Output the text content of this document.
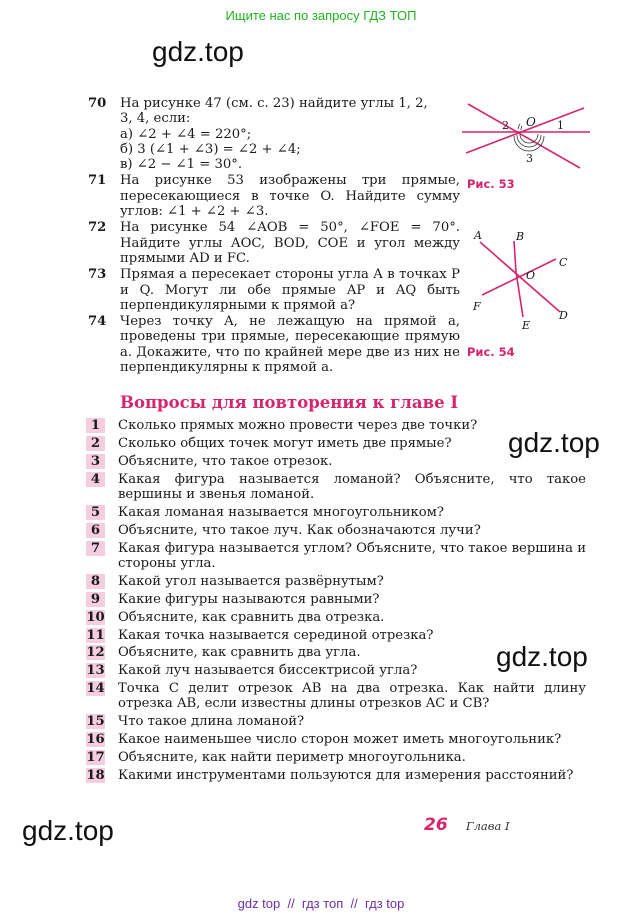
Ищите нас по запросу ГДЗ ТОП
gdz.top
gdz.top
gdz.top
gdz.top
70	На рисунке 47 (см. с. 23) найдите углы 1, 2,
3, 4, если:
а) ∠2 + ∠4 = 220°;
б) 3 (∠1 + ∠3) = ∠2 + ∠4;
в) ∠2 − ∠1 = 30°.
71	На рисунке 53 изображены три прямые, пересекающиеся в точке O. Найдите сумму углов: ∠1 + ∠2 + ∠3.
72	На рисунке 54 ∠AOB = 50°, ∠FOE = 70°. Найдите углы AOC, BOD, COE и угол между прямыми AD и FC.
73	Прямая a пересекает стороны угла A в точках P и Q. Могут ли обе прямые AP и AQ быть перпендикулярными к прямой a?
74	Через точку A, не лежащую на прямой a, проведены три прямые, пересекающие прямую a. Докажите, что по крайней мере две из них не перпендикулярны к прямой a.
O 1
2
3
Рис. 53
A	B
C
D
E
F
O
Рис. 54
Вопросы для повторения к главе I
1	Сколько прямых можно провести через две точки?
2	Сколько общих точек могут иметь две прямые?
3	Объясните, что такое отрезок.
4	Какая фигура называется ломаной? Объясните, что такое вершины и звенья ломаной.
5	Какая ломаная называется многоугольником?
6	Объясните, что такое луч. Как обозначаются лучи?
7	Какая фигура называется углом? Объясните, что такое вершина и стороны угла.
8	Какой угол называется развёрнутым?
9	Какие фигуры называются равными?
10 Объясните, как сравнить два отрезка.
11 Какая точка называется серединой отрезка?
12 Объясните, как сравнить два угла.
13 Какой луч называется биссектрисой угла?
14 Точка C делит отрезок AB на два отрезка. Как найти длину отрезка AB, если известны длины отрезков AC и CB?
15 Что такое длина ломаной?
16 Какое наименьшее число сторон может иметь многоугольник?
17 Объясните, как найти периметр многоугольника.
18 Какими инструментами пользуются для измерения расстояний?
26 Глава I
gdz top  //  гдз топ  //  гдз top
